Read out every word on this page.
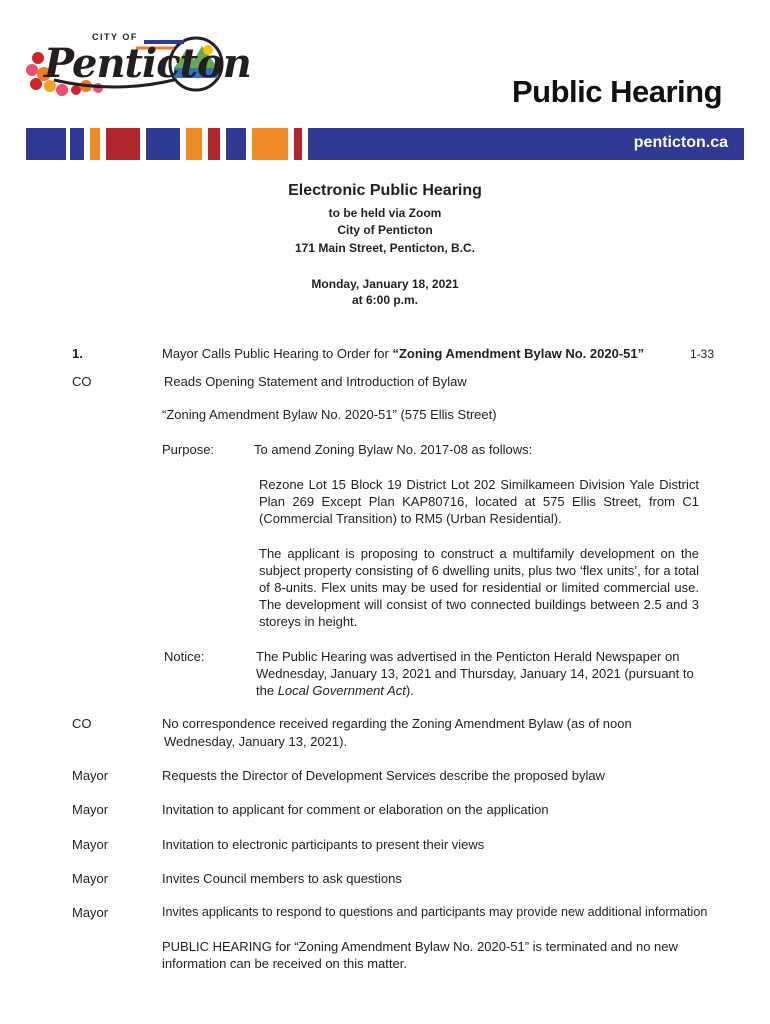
CITY OF
Penticton
Public Hearing
penticton.ca
Electronic Public Hearing
to be held via Zoom
City of Penticton
171 Main Street, Penticton, B.C.
Monday, January 18, 2021
at 6:00 p.m.
1.	Mayor Calls Public Hearing to Order for “Zoning Amendment Bylaw No. 2020-51”	1-33
CO	Reads Opening Statement and Introduction of Bylaw
“Zoning Amendment Bylaw No. 2020-51” (575 Ellis Street)
Purpose:	To amend Zoning Bylaw No. 2017-08 as follows:
Rezone Lot 15 Block 19 District Lot 202 Similkameen Division Yale District Plan 269 Except Plan KAP80716, located at 575 Ellis Street, from C1 (Commercial Transition) to RM5 (Urban Residential).
The applicant is proposing to construct a multifamily development on the subject property consisting of 6 dwelling units, plus two ‘flex units’, for a total of 8-units. Flex units may be used for residential or limited commercial use. The development will consist of two connected buildings between 2.5 and 3 storeys in height.
Notice:	The Public Hearing was advertised in the Penticton Herald Newspaper on Wednesday, January 13, 2021 and Thursday, January 14, 2021 (pursuant to the Local Government Act).
CO	No correspondence received regarding the Zoning Amendment Bylaw (as of noon
Wednesday, January 13, 2021).
Mayor	Requests the Director of Development Services describe the proposed bylaw
Mayor	Invitation to applicant for comment or elaboration on the application
Mayor	Invitation to electronic participants to present their views
Mayor	Invites Council members to ask questions
Mayor	Invites applicants to respond to questions and participants may provide new additional information
PUBLIC HEARING for “Zoning Amendment Bylaw No. 2020-51” is terminated and no new
information can be received on this matter.
